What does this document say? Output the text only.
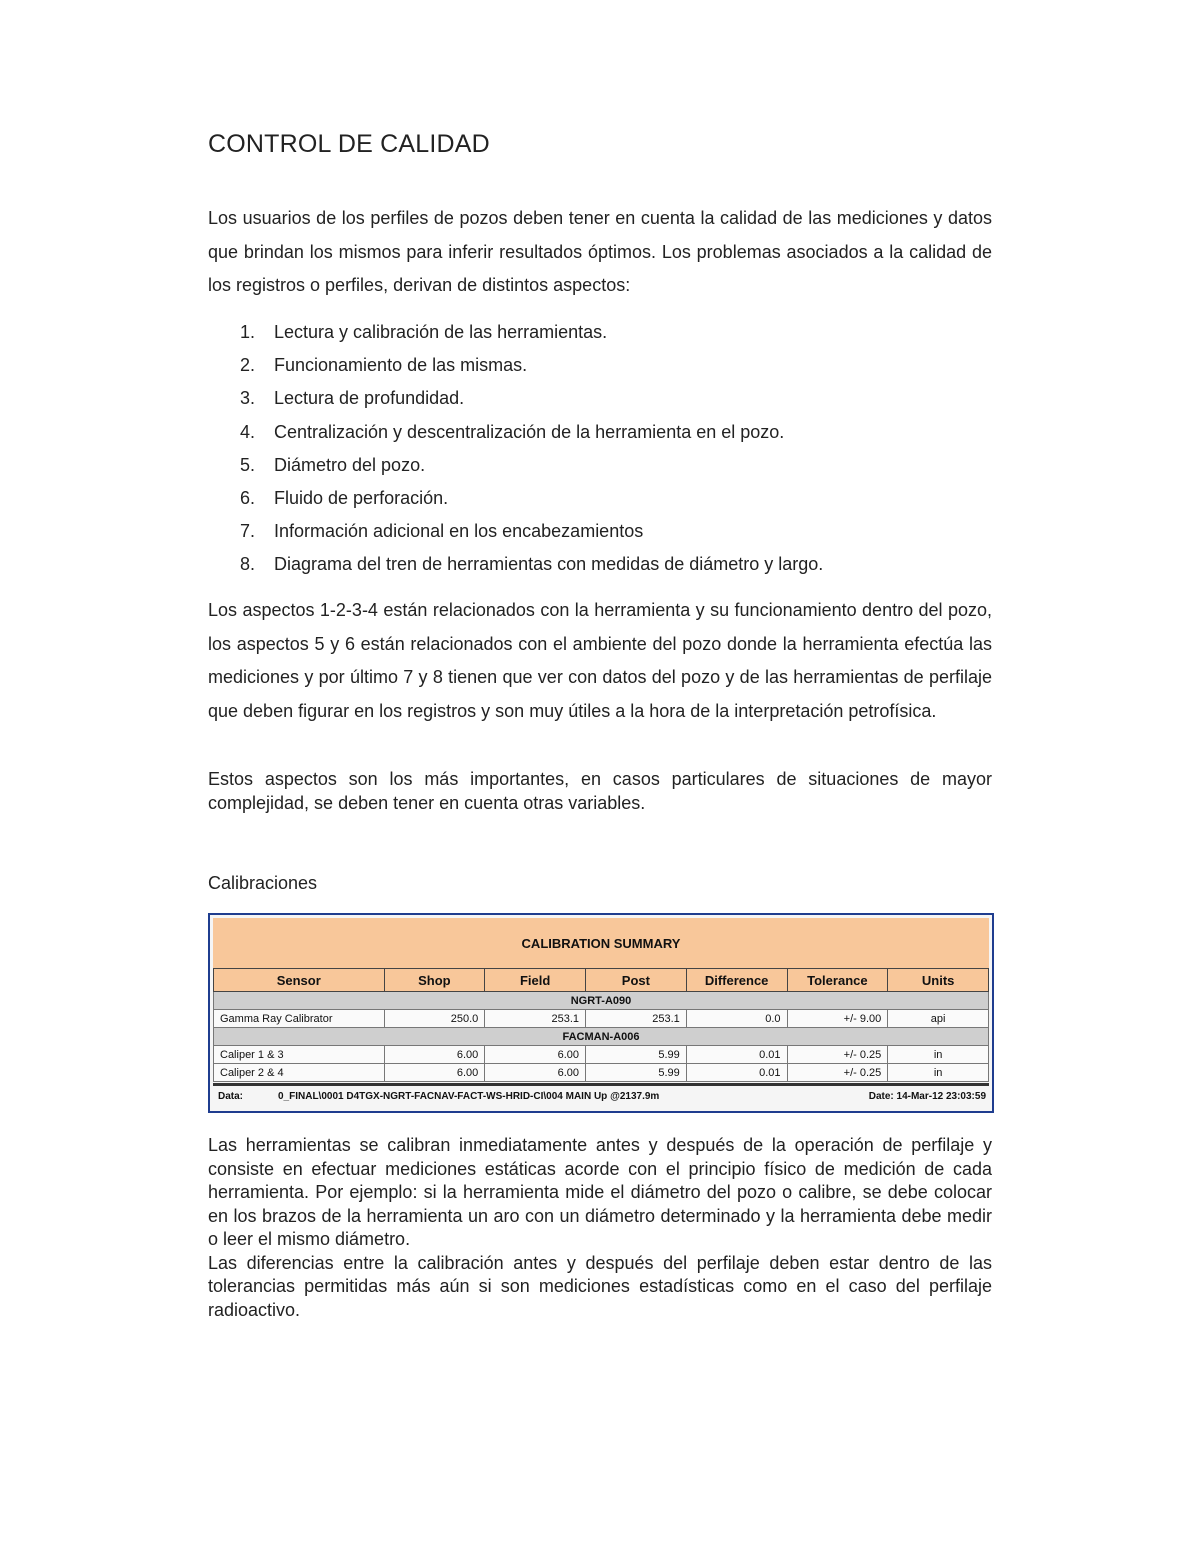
CONTROL DE CALIDAD

Los usuarios de los perfiles de pozos deben tener en cuenta la calidad de las mediciones y datos que brindan los mismos para inferir resultados óptimos. Los problemas asociados a la calidad de los registros o perfiles, derivan de distintos aspectos:

1. Lectura y calibración de las herramientas.
2. Funcionamiento de las mismas.
3. Lectura de profundidad.
4. Centralización y descentralización de la herramienta en el pozo.
5. Diámetro del pozo.
6. Fluido de perforación.
7. Información adicional en los encabezamientos
8. Diagrama del tren de herramientas con medidas de diámetro y largo.

Los aspectos 1-2-3-4 están relacionados con la herramienta y su funcionamiento dentro del pozo, los aspectos 5 y 6 están relacionados con el ambiente del pozo donde la herramienta efectúa las mediciones y por último 7 y 8 tienen que ver con datos del pozo y de las herramientas de perfilaje que deben figurar en los registros y son muy útiles a la hora de la interpretación petrofísica.

Estos aspectos son los más importantes, en casos particulares de situaciones de mayor complejidad, se deben tener en cuenta otras variables.

Calibraciones

CALIBRATION SUMMARY
Sensor	Shop	Field	Post	Difference	Tolerance	Units
NGRT-A090						
Gamma Ray Calibrator	250.0	253.1	253.1	0.0	+/- 9.00	api
FACMAN-A006						
Caliper 1 & 3	6.00	6.00	5.99	0.01	+/- 0.25	in
Caliper 2 & 4	6.00	6.00	5.99	0.01	+/- 0.25	in
Data:	0_FINAL\0001 D4TGX-NGRT-FACNAV-FACT-WS-HRID-CI\004 MAIN Up @2137.9m	Date: 14-Mar-12 23:03:59

Las herramientas se calibran inmediatamente antes y después de la operación de perfilaje y consiste en efectuar mediciones estáticas acorde con el principio físico de medición de cada herramienta. Por ejemplo: si la herramienta mide el diámetro del pozo o calibre, se debe colocar en los brazos de la herramienta un aro con un diámetro determinado y la herramienta debe medir o leer el mismo diámetro.

Las diferencias entre la calibración antes y después del perfilaje deben estar dentro de las tolerancias permitidas más aún si son mediciones estadísticas como en el caso del perfilaje radioactivo.
